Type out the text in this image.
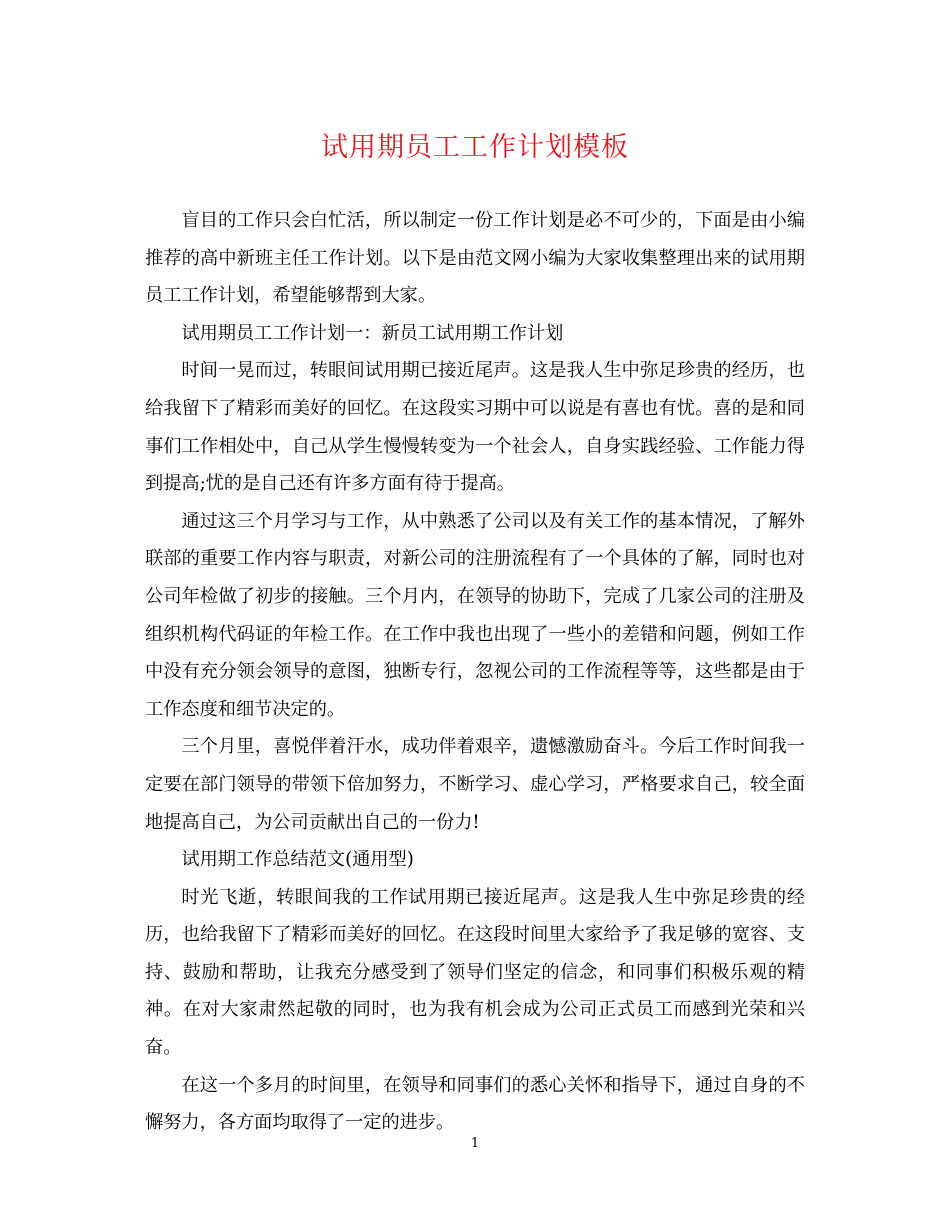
试用期员工工作计划模板

盲目的工作只会白忙活，所以制定一份工作计划是必不可少的，下面是由小编推荐的高中新班主任工作计划。以下是由范文网小编为大家收集整理出来的试用期员工工作计划，希望能够帮到大家。

试用期员工工作计划一：新员工试用期工作计划

时间一晃而过，转眼间试用期已接近尾声。这是我人生中弥足珍贵的经历，也给我留下了精彩而美好的回忆。在这段实习期中可以说是有喜也有忧。喜的是和同事们工作相处中，自己从学生慢慢转变为一个社会人，自身实践经验、工作能力得到提高;忧的是自己还有许多方面有待于提高。

通过这三个月学习与工作，从中熟悉了公司以及有关工作的基本情况，了解外联部的重要工作内容与职责，对新公司的注册流程有了一个具体的了解，同时也对公司年检做了初步的接触。三个月内，在领导的协助下，完成了几家公司的注册及组织机构代码证的年检工作。在工作中我也出现了一些小的差错和问题，例如工作中没有充分领会领导的意图，独断专行，忽视公司的工作流程等等，这些都是由于工作态度和细节决定的。

三个月里，喜悦伴着汗水，成功伴着艰辛，遗憾激励奋斗。今后工作时间我一定要在部门领导的带领下倍加努力，不断学习、虚心学习，严格要求自己，较全面地提高自己，为公司贡献出自己的一份力!

试用期工作总结范文(通用型)

时光飞逝，转眼间我的工作试用期已接近尾声。这是我人生中弥足珍贵的经历，也给我留下了精彩而美好的回忆。在这段时间里大家给予了我足够的宽容、支持、鼓励和帮助，让我充分感受到了领导们坚定的信念，和同事们积极乐观的精神。在对大家肃然起敬的同时，也为我有机会成为公司正式员工而感到光荣和兴奋。

在这一个多月的时间里，在领导和同事们的悉心关怀和指导下，通过自身的不懈努力，各方面均取得了一定的进步。

1
